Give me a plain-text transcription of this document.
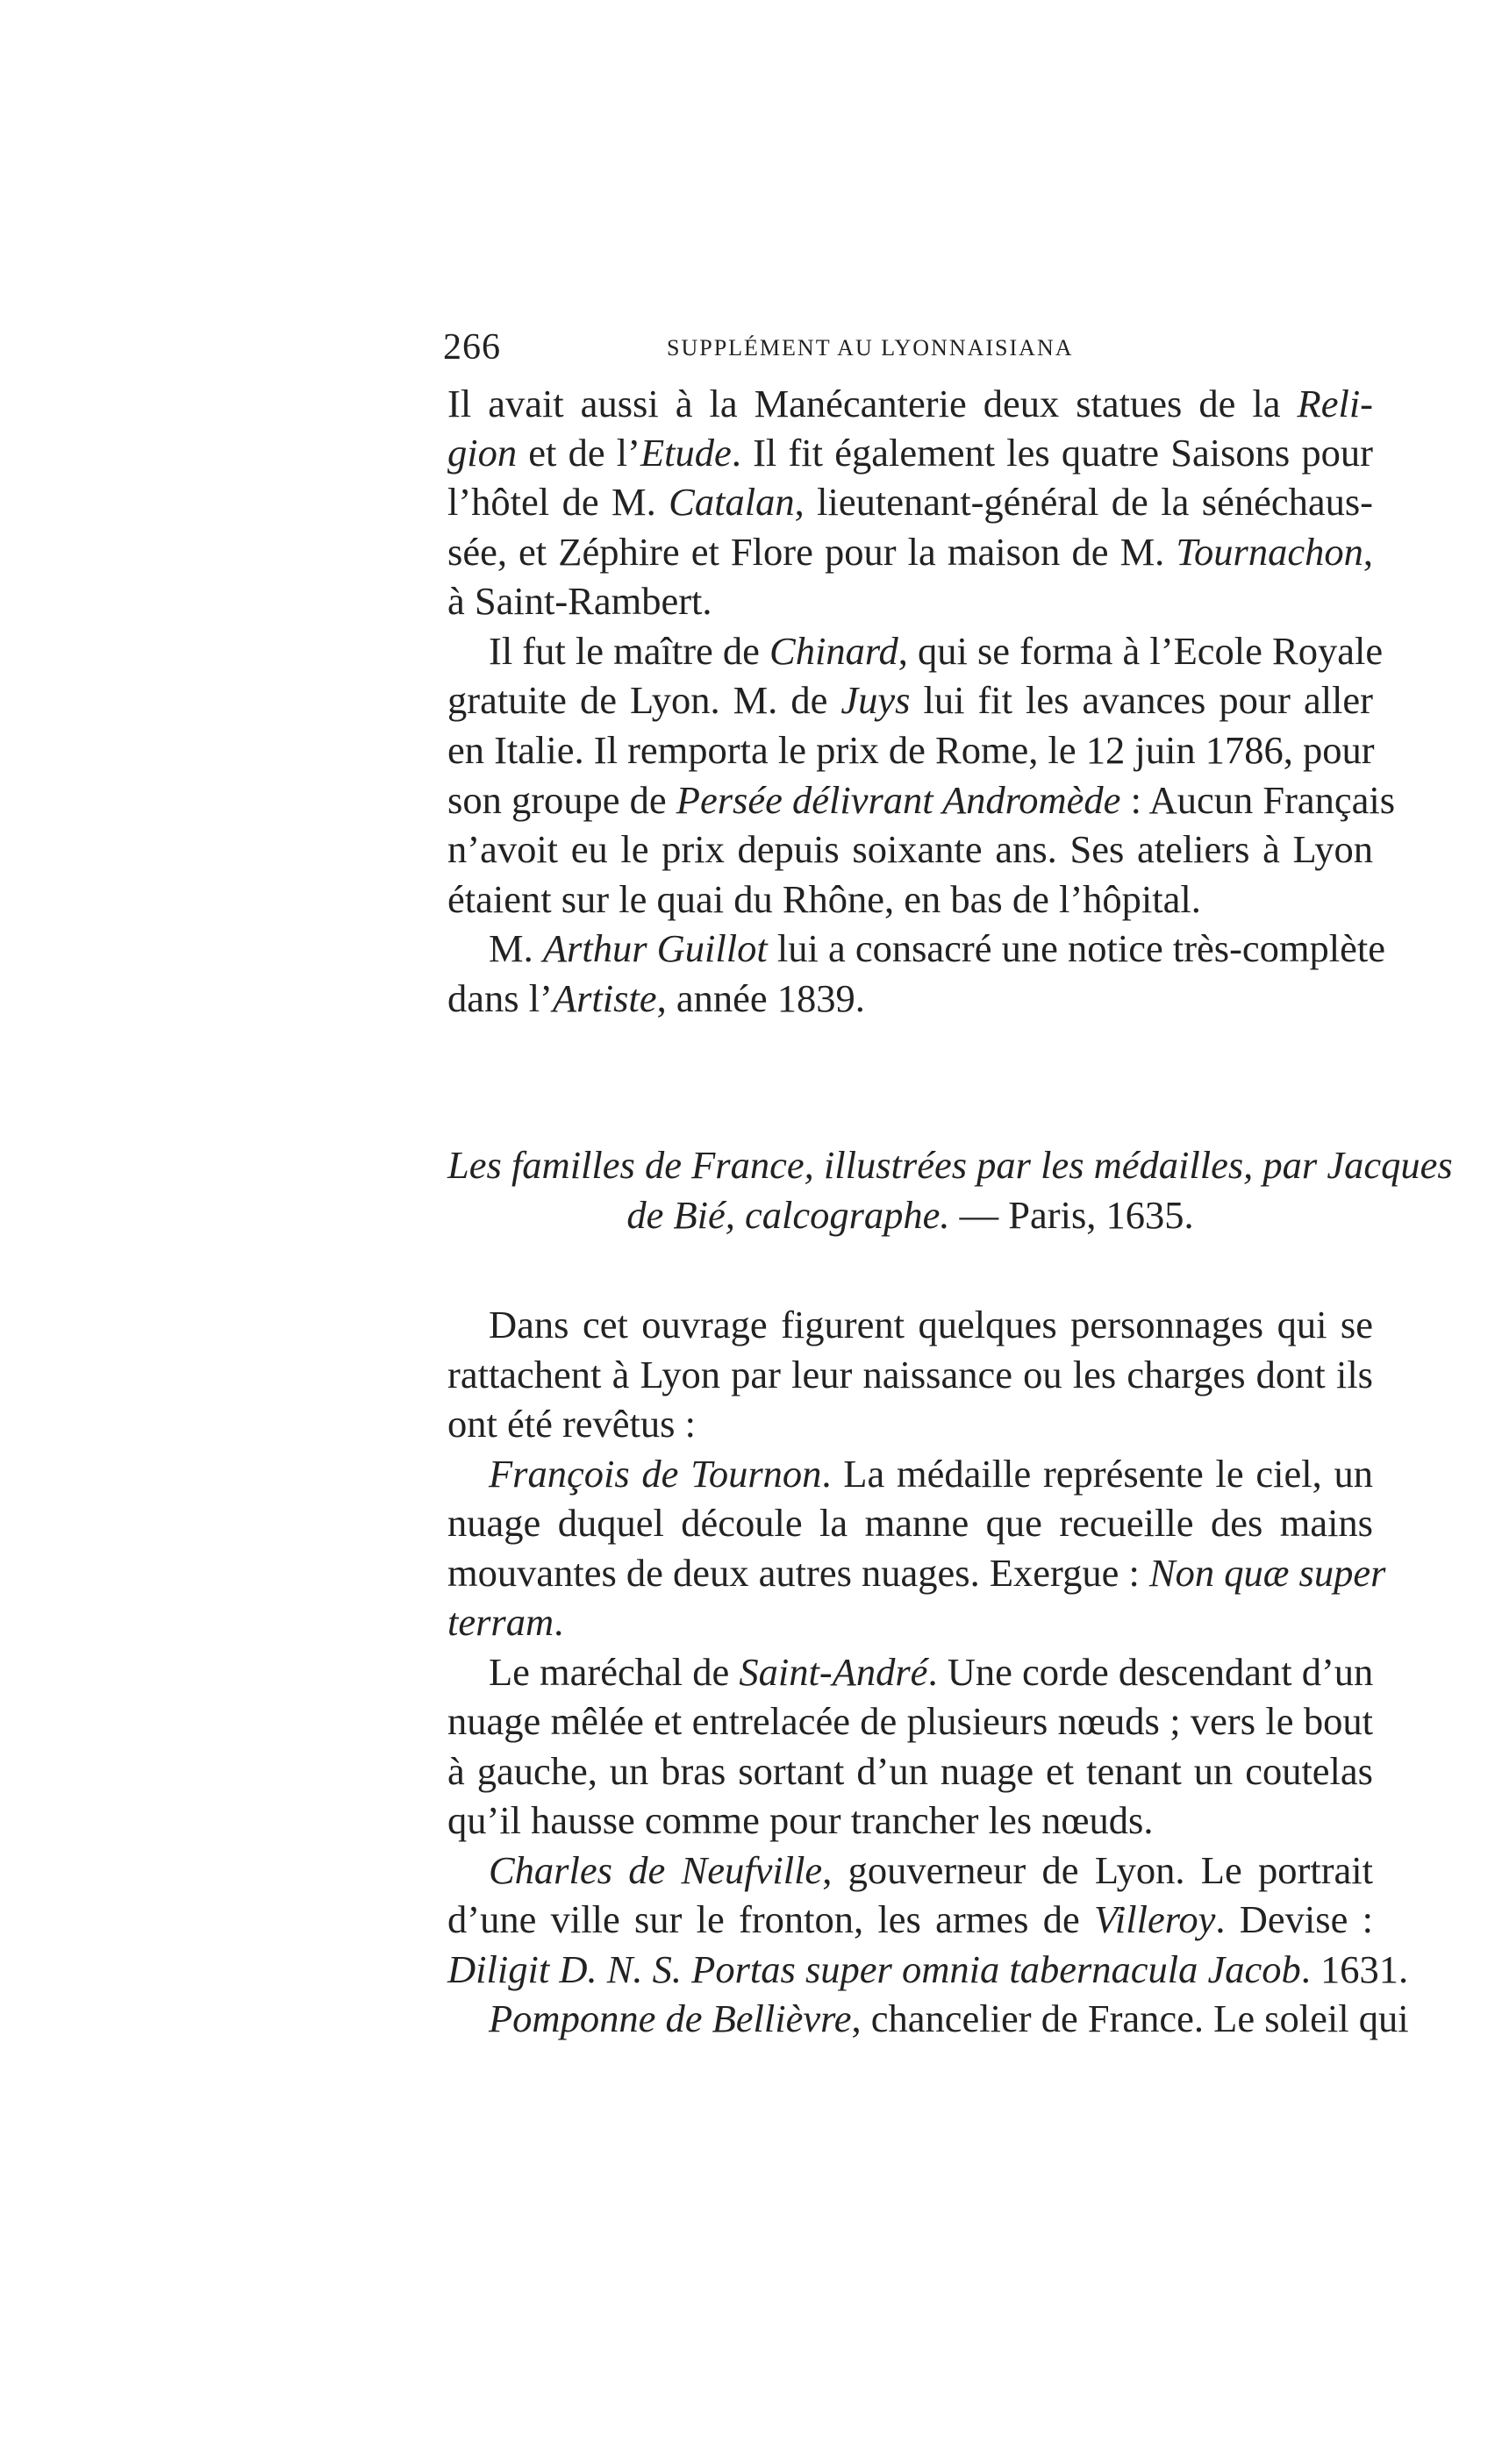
266	SUPPLÉMENT AU LYONNAISIANA
Il avait aussi à la Manécanterie deux statues de la Reli-
gion et de l’Etude. Il fit également les quatre Saisons pour
l’hôtel de M. Catalan, lieutenant-général de la sénéchaus-
sée, et Zéphire et Flore pour la maison de M. Tournachon,
à Saint-Rambert.
Il fut le maître de Chinard, qui se forma à l’Ecole Royale
gratuite de Lyon. M. de Juys lui fit les avances pour aller
en Italie. Il remporta le prix de Rome, le 12 juin 1786, pour
son groupe de Persée délivrant Andromède : Aucun Français
n’avoit eu le prix depuis soixante ans. Ses ateliers à Lyon
étaient sur le quai du Rhône, en bas de l’hôpital.
M. Arthur Guillot lui a consacré une notice très-complète
dans l’Artiste, année 1839.
Les familles de France, illustrées par les médailles, par Jacques
de Bié, calcographe. — Paris, 1635.
Dans cet ouvrage figurent quelques personnages qui se
rattachent à Lyon par leur naissance ou les charges dont ils
ont été revêtus :
François de Tournon. La médaille représente le ciel, un
nuage duquel découle la manne que recueille des mains
mouvantes de deux autres nuages. Exergue : Non quæ super
terram.
Le maréchal de Saint-André. Une corde descendant d’un
nuage mêlée et entrelacée de plusieurs nœuds ; vers le bout
à gauche, un bras sortant d’un nuage et tenant un coutelas
qu’il hausse comme pour trancher les nœuds.
Charles de Neufville, gouverneur de Lyon. Le portrait
d’une ville sur le fronton, les armes de Villeroy. Devise :
Diligit D. N. S. Portas super omnia tabernacula Jacob. 1631.
Pomponne de Bellièvre, chancelier de France. Le soleil qui
